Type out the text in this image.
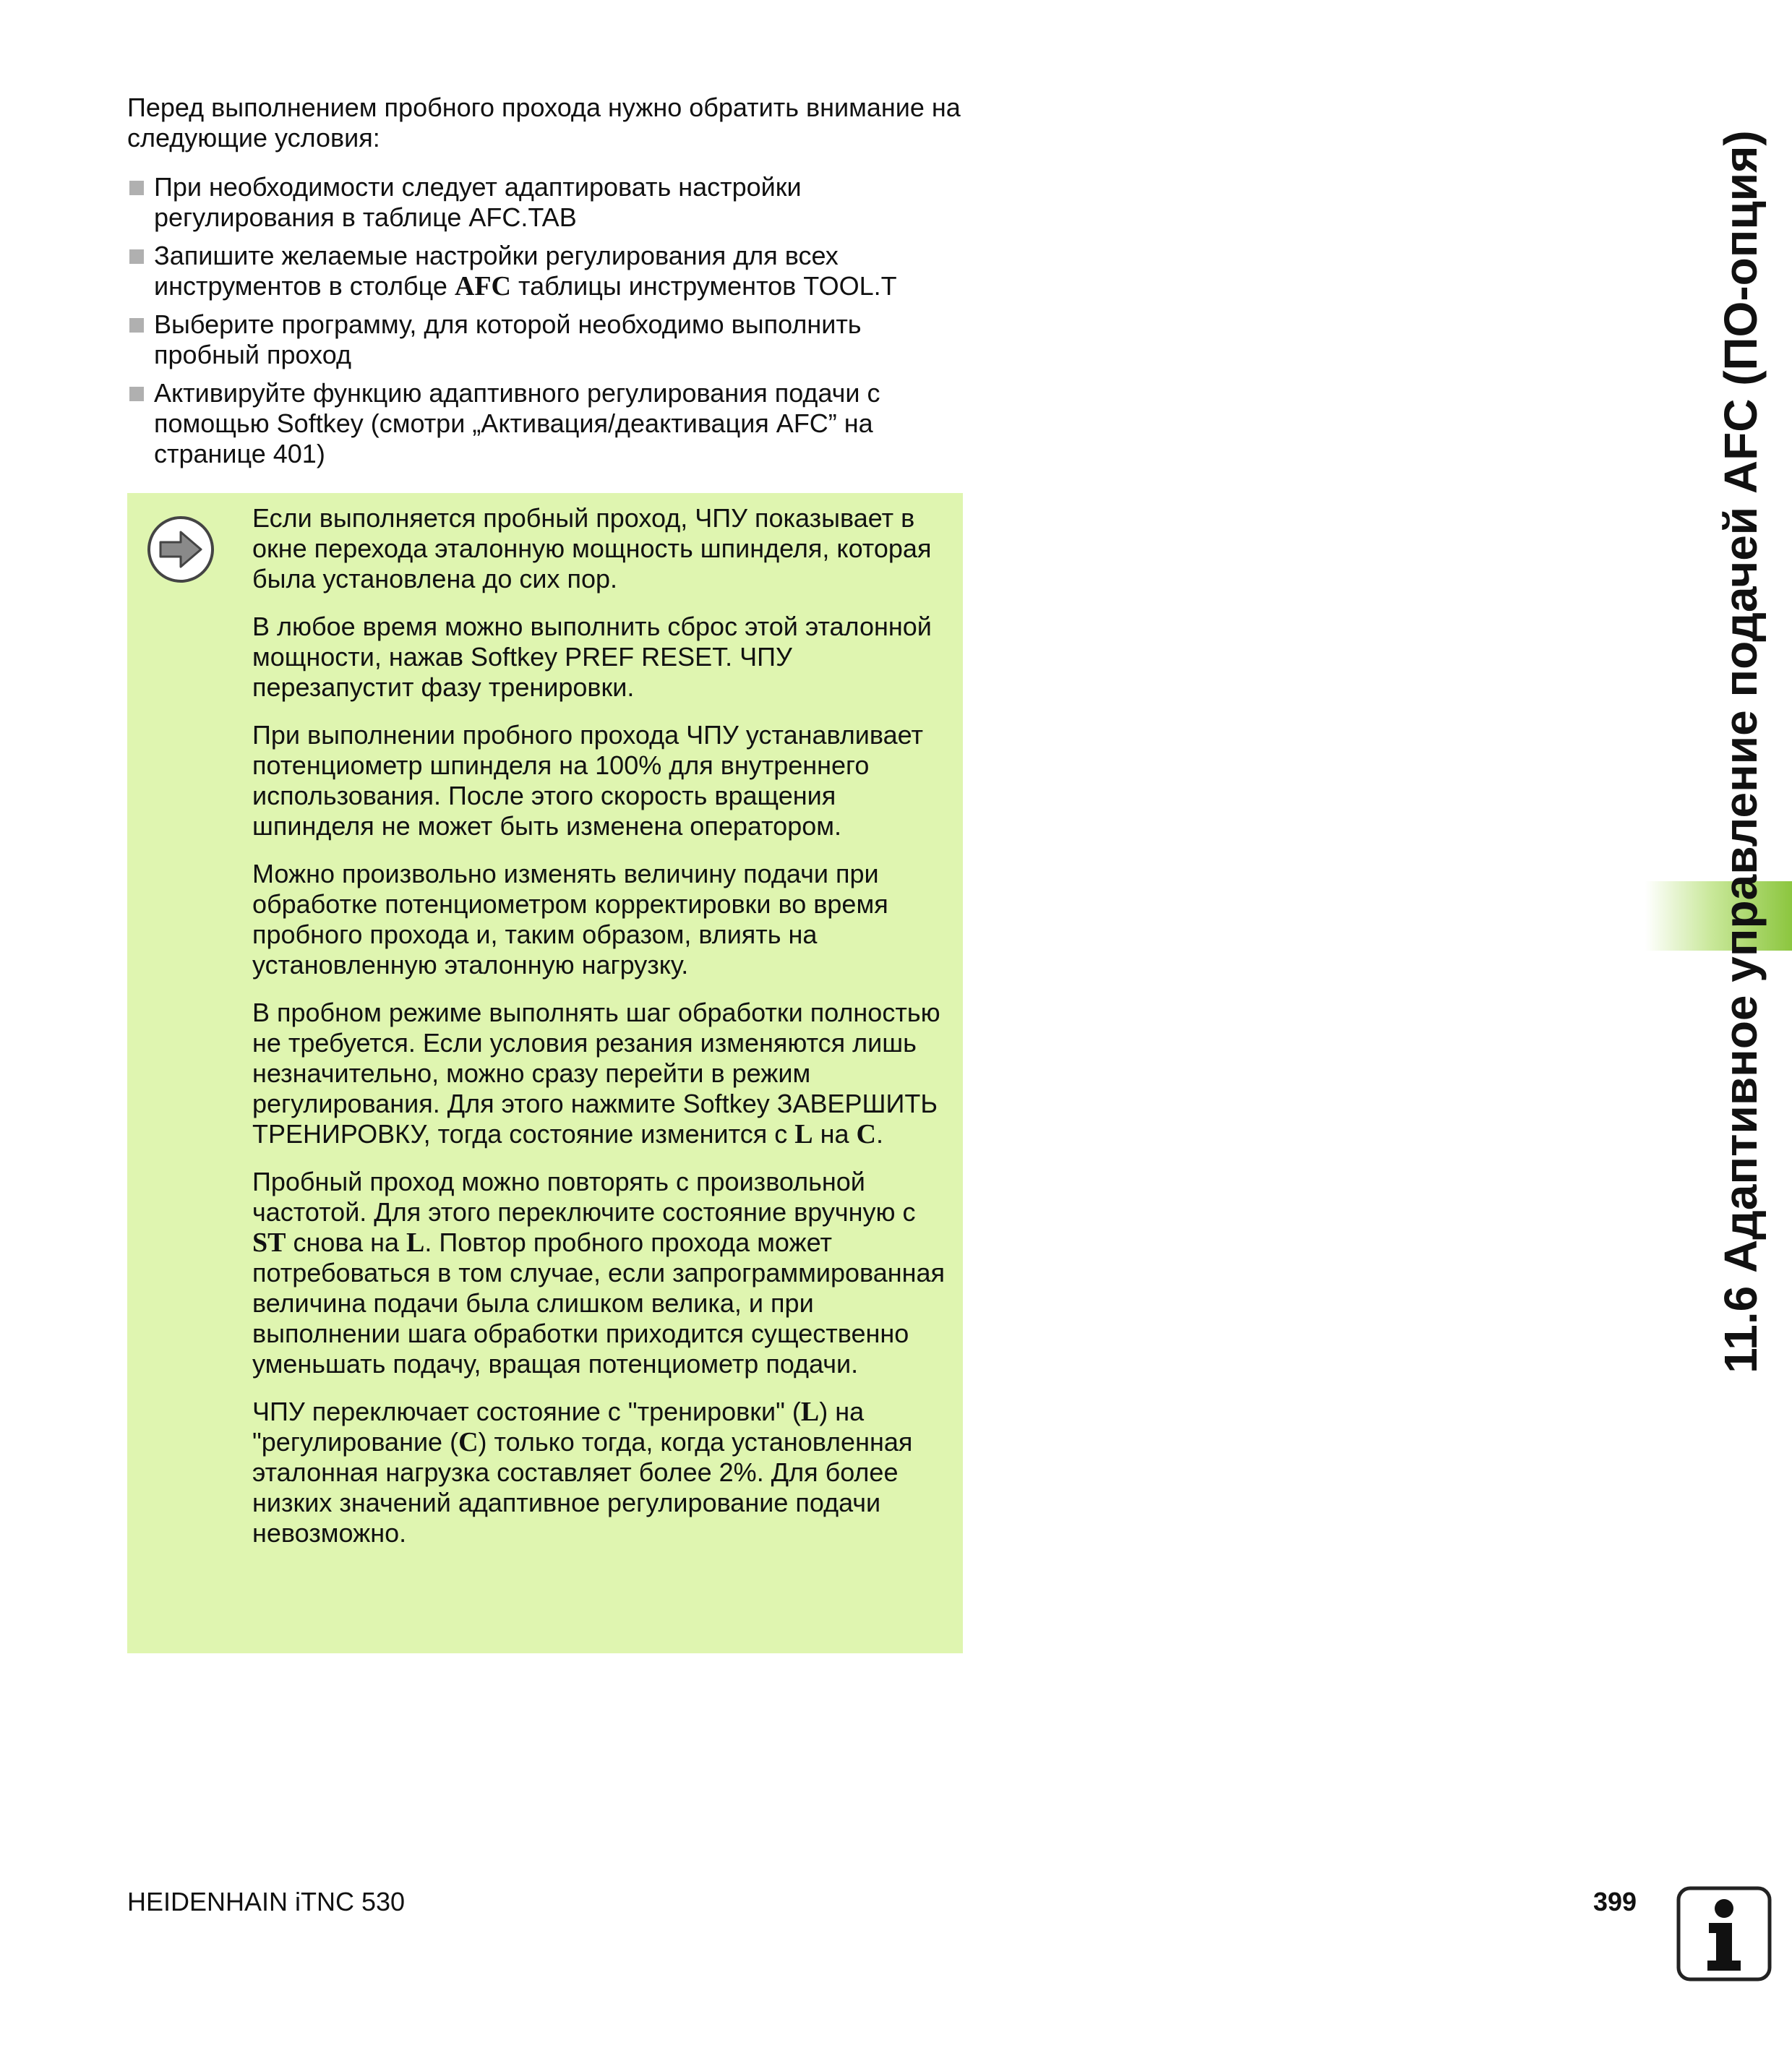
Перед выполнением пробного прохода нужно обратить внимание на следующие условия:

При необходимости следует адаптировать настройки регулирования в таблице AFC.TAB
Запишите желаемые настройки регулирования для всех инструментов в столбце AFC таблицы инструментов TOOL.T
Выберите программу, для которой необходимо выполнить пробный проход
Активируйте функцию адаптивного регулирования подачи с помощью Softkey (смотри „Активация/деактивация AFC” на странице 401)

Если выполняется пробный проход, ЧПУ показывает в окне перехода эталонную мощность шпинделя, которая была установлена до сих пор.

В любое время можно выполнить сброс этой эталонной мощности, нажав Softkey PREF RESET. ЧПУ перезапустит фазу тренировки.

При выполнении пробного прохода ЧПУ устанавливает потенциометр шпинделя на 100% для внутреннего использования. После этого скорость вращения шпинделя не может быть изменена оператором.

Можно произвольно изменять величину подачи при обработке потенциометром корректировки во время пробного прохода и, таким образом, влиять на установленную эталонную нагрузку.

В пробном режиме выполнять шаг обработки полностью не требуется. Если условия резания изменяются лишь незначительно, можно сразу перейти в режим регулирования. Для этого нажмите Softkey ЗАВЕРШИТЬ ТРЕНИРОВКУ, тогда состояние изменится с L на C.

Пробный проход можно повторять с произвольной частотой. Для этого переключите состояние вручную с ST снова на L. Повтор пробного прохода может потребоваться в том случае, если запрограммированная величина подачи была слишком велика, и при выполнении шага обработки приходится существенно уменьшать подачу, вращая потенциометр подачи.

ЧПУ переключает состояние с "тренировки" (L) на "регулирование (C) только тогда, когда установленная эталонная нагрузка составляет более 2%. Для более низких значений адаптивное регулирование подачи невозможно.

11.6 Адаптивное управление подачей AFC (ПО-опция)
HEIDENHAIN iTNC 530	399
